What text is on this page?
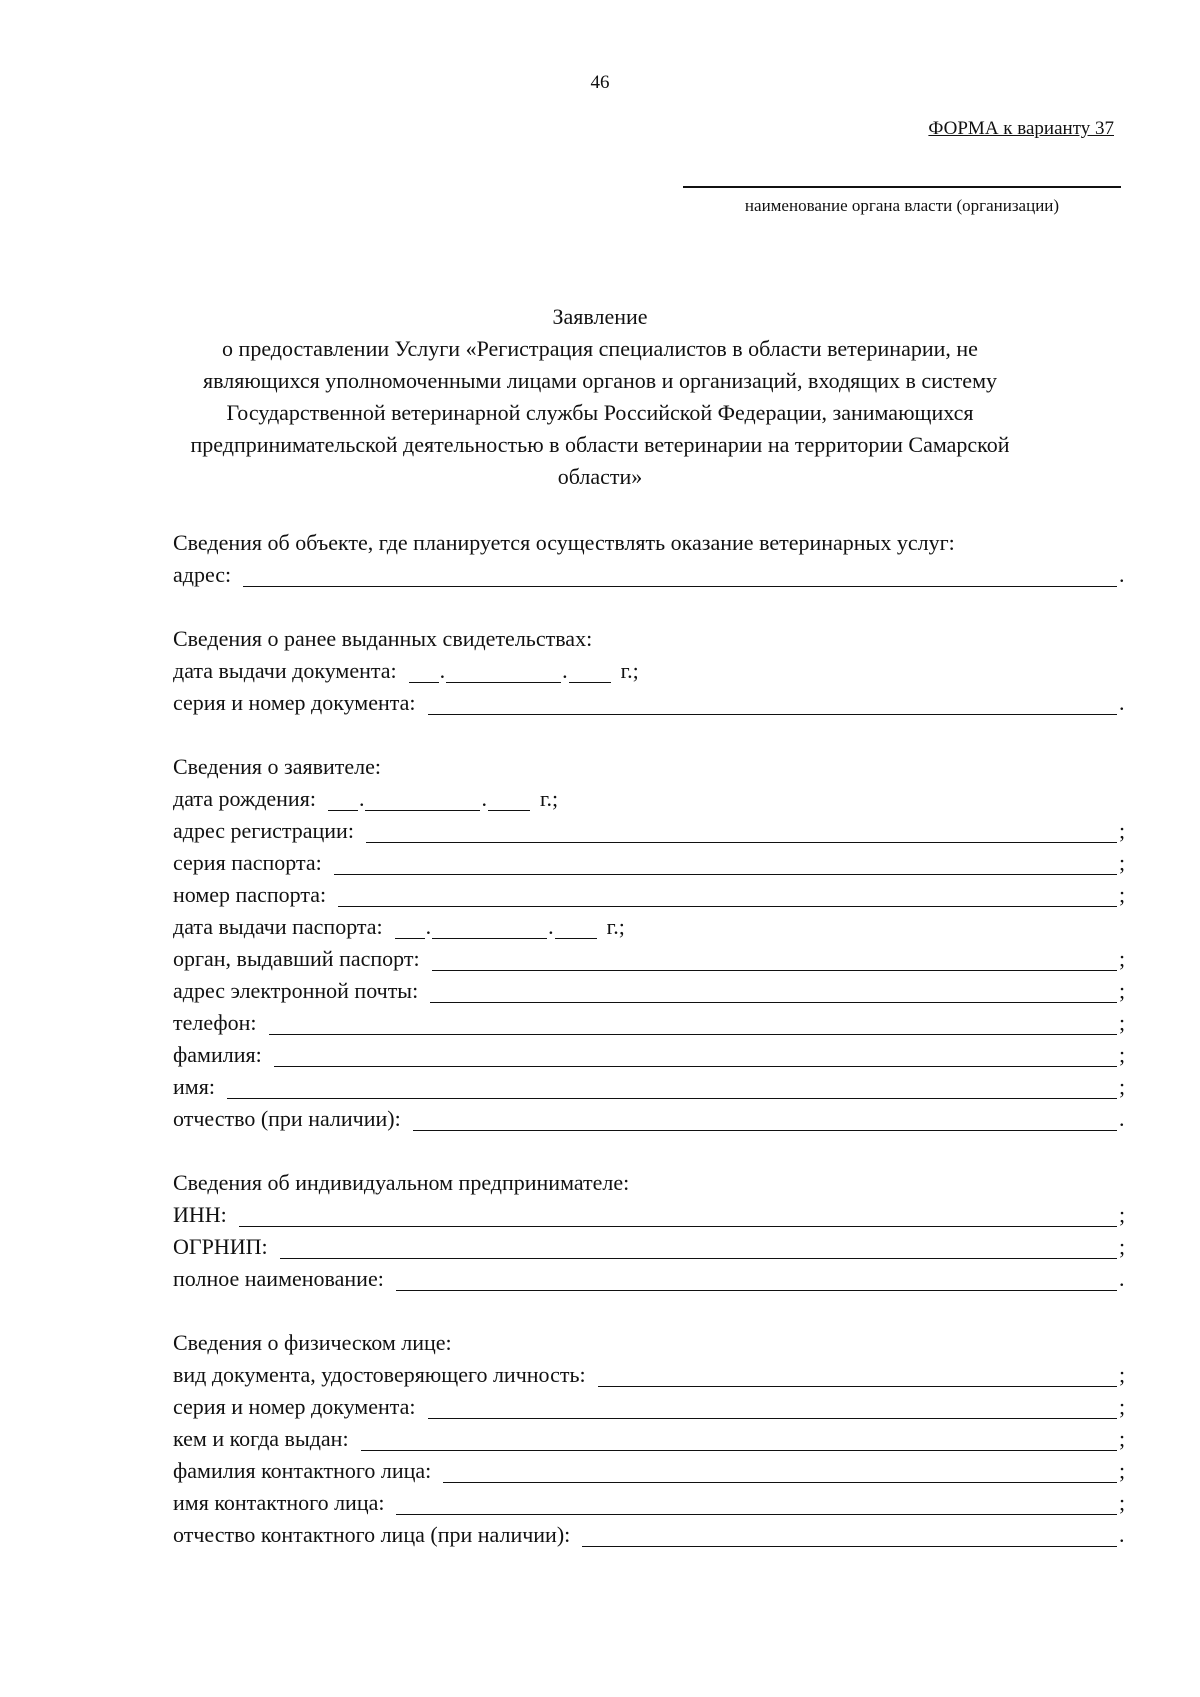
46
ФОРМА к варианту 37
наименование органа власти (организации)
Заявление
о предоставлении Услуги «Регистрация специалистов в области ветеринарии, не
являющихся уполномоченными лицами органов и организаций, входящих в систему
Государственной ветеринарной службы Российской Федерации, занимающихся
предпринимательской деятельностью в области ветеринарии на территории Самарской
области»
Сведения об объекте, где планируется осуществлять оказание ветеринарных услуг:
адрес:	.
Сведения о ранее выданных свидетельствах:
дата выдачи документа:	.	.	г.;
серия и номер документа:	.
Сведения о заявителе:
дата рождения:	.	.	г.;
адрес регистрации:	;
серия паспорта:	;
номер паспорта:	;
дата выдачи паспорта:	.	.	г.;
орган, выдавший паспорт:	;
адрес электронной почты:	;
телефон:	;
фамилия:	;
имя:	;
отчество (при наличии):	.
Сведения об индивидуальном предпринимателе:
ИНН:	;
ОГРНИП:	;
полное наименование:	.
Сведения о физическом лице:
вид документа, удостоверяющего личность:	;
серия и номер документа:	;
кем и когда выдан:	;
фамилия контактного лица:	;
имя контактного лица:	;
отчество контактного лица (при наличии):	.
